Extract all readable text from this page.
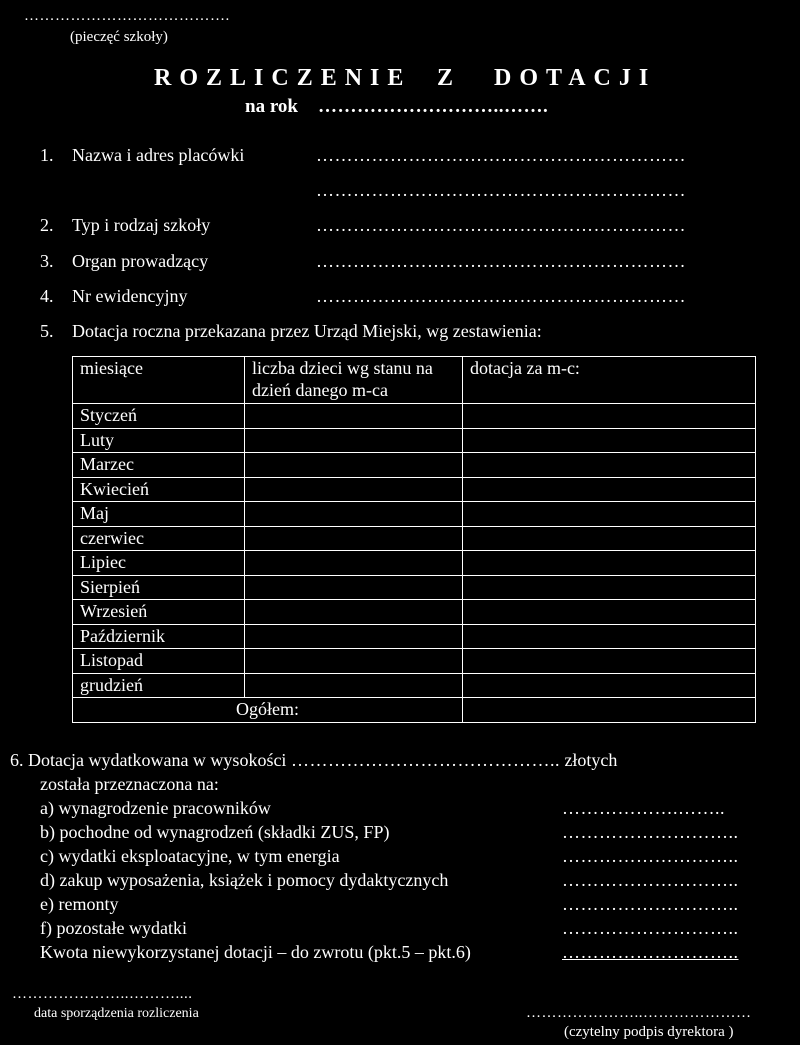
………………………………….
(pieczęć szkoły)
ROZLICZENIE Z DOTACJI
na rok ………………………..…….
1. Nazwa i adres placówki	……………………………………………………
……………………………………………………
2. Typ i rodzaj szkoły	……………………………………………………
3. Organ prowadzący	……………………………………………………
4. Nr ewidencyjny	……………………………………………………
5. Dotacja roczna przekazana przez Urząd Miejski, wg zestawienia:
miesiące	liczba dzieci wg stanu na dzień danego m-ca	dotacja za m-c:
Styczeń		
Luty		
Marzec		
Kwiecień		
Maj		
czerwiec		
Lipiec		
Sierpień		
Wrzesień		
Październik		
Listopad		
grudzień		
Ogółem:		
6. Dotacja wydatkowana w wysokości …………………………………….. złotych
została przeznaczona na:
a) wynagrodzenie pracowników	……………….……..
b) pochodne od wynagrodzeń (składki ZUS, FP)	………………………..
c) wydatki eksploatacyjne, w tym energia	………………………..
d) zakup wyposażenia, książek i pomocy dydaktycznych	………………………..
e) remonty	………………………..
f) pozostałe wydatki	………………………..
Kwota niewykorzystanej dotacji – do zwrotu (pkt.5 – pkt.6)	………………………..
…………………..………....
data sporządzenia rozliczenia	…………………..…………………
(czytelny podpis dyrektora )
